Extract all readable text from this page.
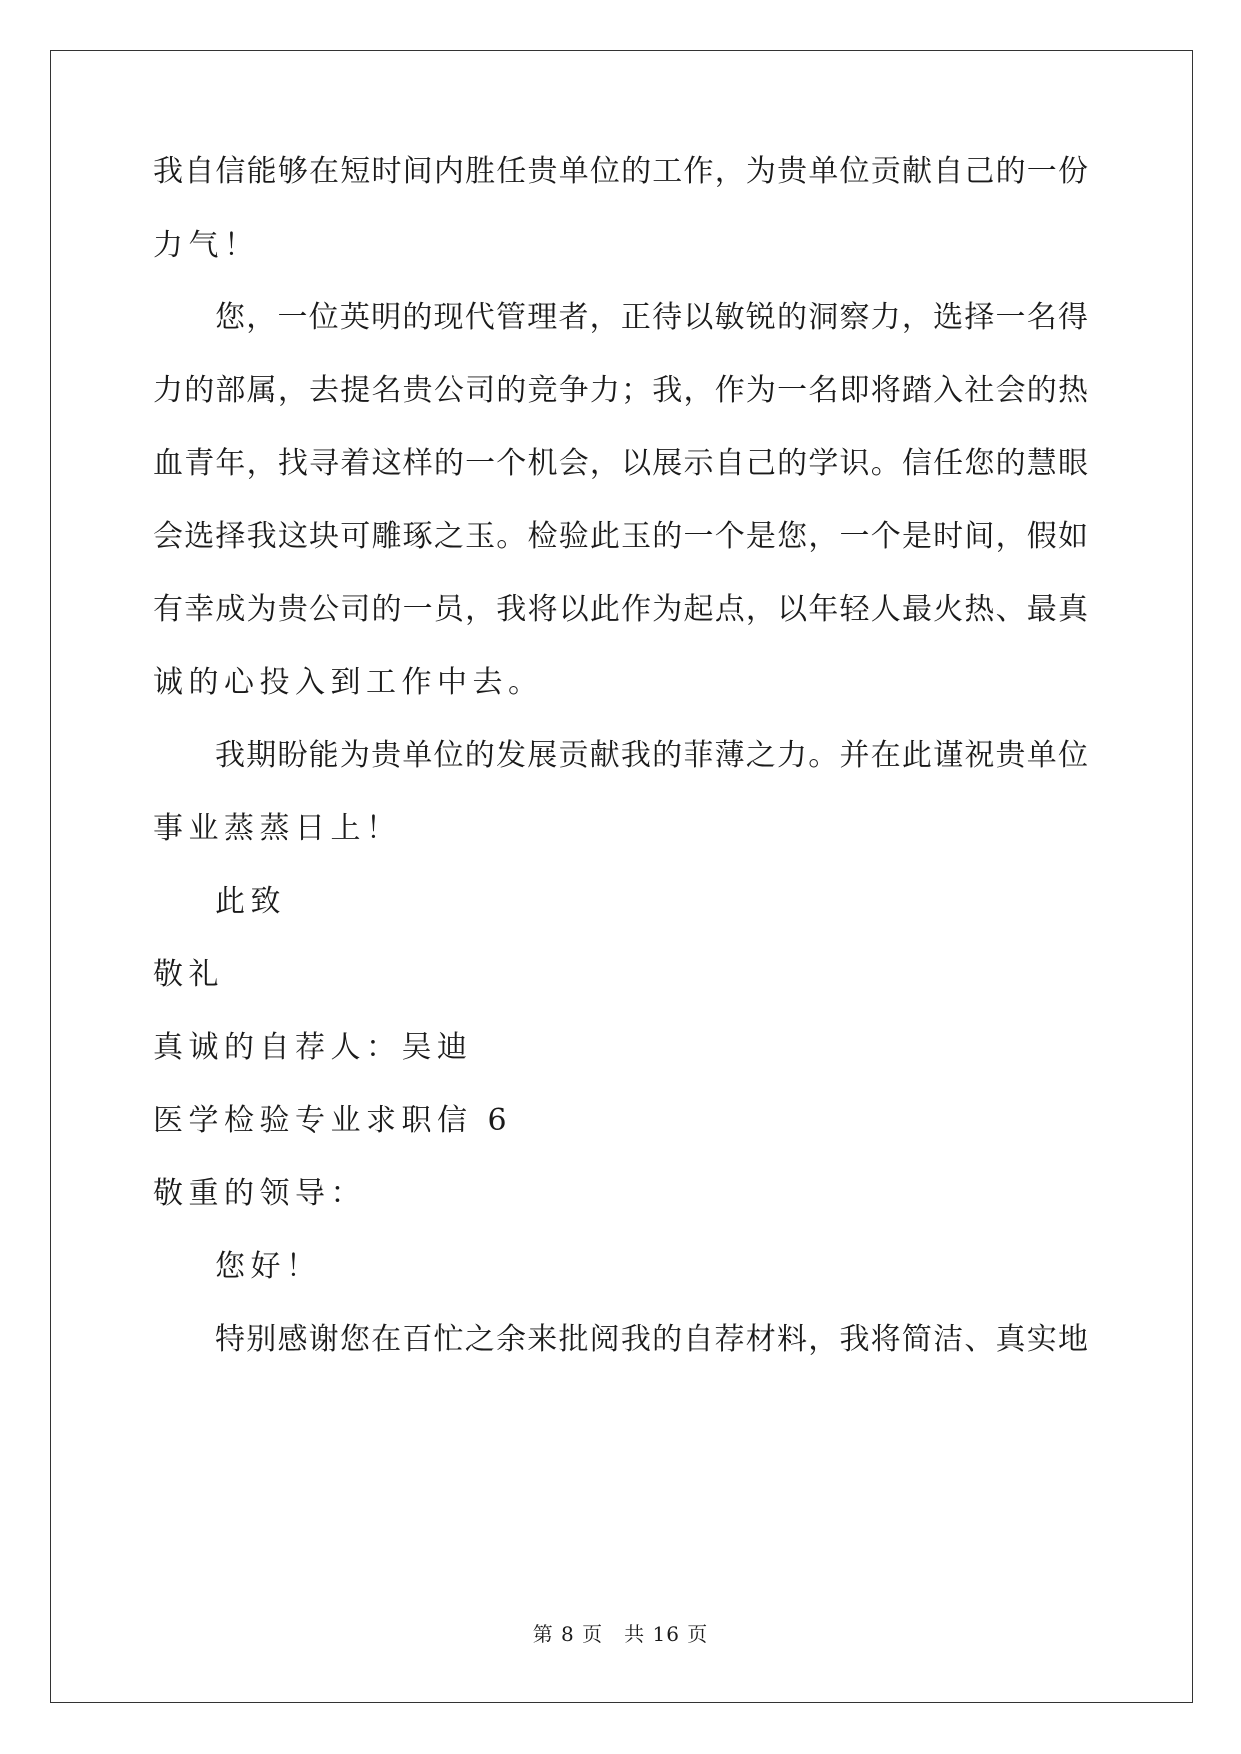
我自信能够在短时间内胜任贵单位的工作，为贵单位贡献自己的一份
力气！
您，一位英明的现代管理者，正待以敏锐的洞察力，选择一名得
力的部属，去提名贵公司的竞争力；我，作为一名即将踏入社会的热
血青年，找寻着这样的一个机会，以展示自己的学识。信任您的慧眼
会选择我这块可雕琢之玉。检验此玉的一个是您，一个是时间，假如
有幸成为贵公司的一员，我将以此作为起点，以年轻人最火热、最真
诚的心投入到工作中去。
我期盼能为贵单位的发展贡献我的菲薄之力。并在此谨祝贵单位
事业蒸蒸日上！
此致
敬礼
真诚的自荐人：吴迪
医学检验专业求职信 6
敬重的领导：
您好！
特别感谢您在百忙之余来批阅我的自荐材料，我将简洁、真实地
第 8 页　共 16 页
